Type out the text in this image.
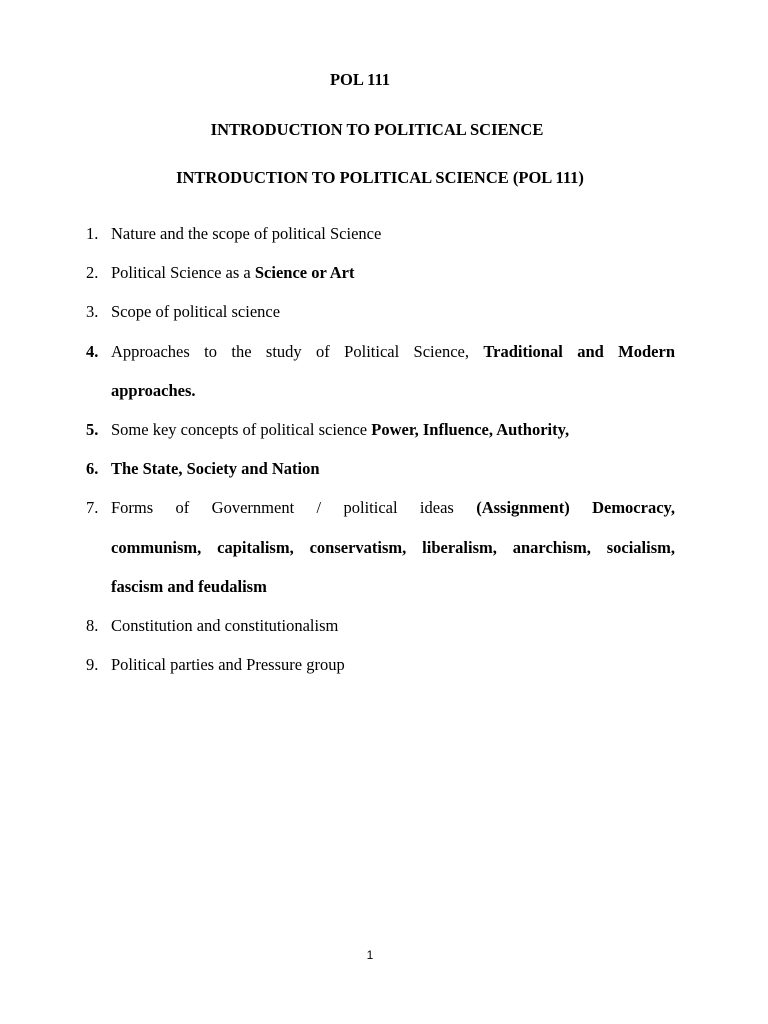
POL 111
INTRODUCTION TO POLITICAL SCIENCE
INTRODUCTION TO POLITICAL SCIENCE (POL 111)
1. Nature and the scope of political Science
2. Political Science as a Science or Art
3. Scope of political science
4. Approaches to the study of Political Science, Traditional and Modern
approaches.
5. Some key concepts of political science Power, Influence, Authority,
6. The State, Society and Nation
7. Forms of Government / political ideas (Assignment) Democracy,
communism, capitalism, conservatism, liberalism, anarchism, socialism,
fascism and feudalism
8. Constitution and constitutionalism
9. Political parties and Pressure group
1
